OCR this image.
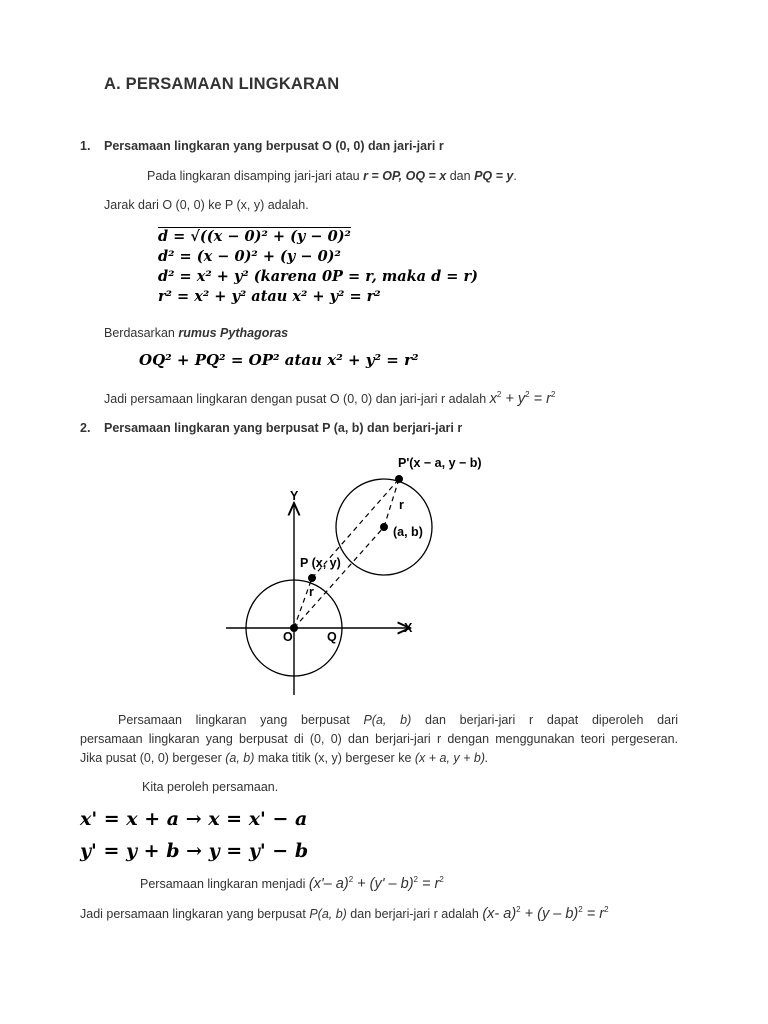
A. PERSAMAAN LINGKARAN
1. Persamaan lingkaran yang berpusat O (0, 0) dan jari-jari r
Pada lingkaran disamping jari-jari atau r = OP, OQ = x dan PQ = y.
Jarak dari O (0, 0) ke P (x, y) adalah.
d = √((x − 0)² + (y − 0)²
d² = (x − 0)² + (y − 0)²
d² = x² + y² (karena 0P = r, maka d = r)
r² = x² + y² atau x² + y² = r²
Berdasarkan rumus Pythagoras
OQ² + PQ² = OP² atau x² + y² = r²
Jadi persamaan lingkaran dengan pusat O (0, 0) dan jari-jari r adalah $x^2 + y^2 = r^2$
2. Persamaan lingkaran yang berpusat P (a, b) dan berjari-jari r
P'(x − a, y − b)
(a, b)
r
P (x, y)
r
Y
X
O	Q
Persamaan lingkaran yang berpusat P(a, b) dan berjari-jari r dapat diperoleh dari
persamaan lingkaran yang berpusat di (0, 0) dan berjari-jari r dengan menggunakan teori pergeseran.
Jika pusat (0, 0) bergeser (a, b) maka titik (x, y) bergeser ke (x + a, y + b).
Kita peroleh persamaan.
x' = x + a → x = x' − a
y' = y + b → y = y' − b
Persamaan lingkaran menjadi (x'– $a)^2 + (y' - b)^2 = r^2$
Jadi persamaan lingkaran yang berpusat P(a, b) dan berjari-jari r adalah (x- $a)^2 + (y - b)^2 = r^2$
